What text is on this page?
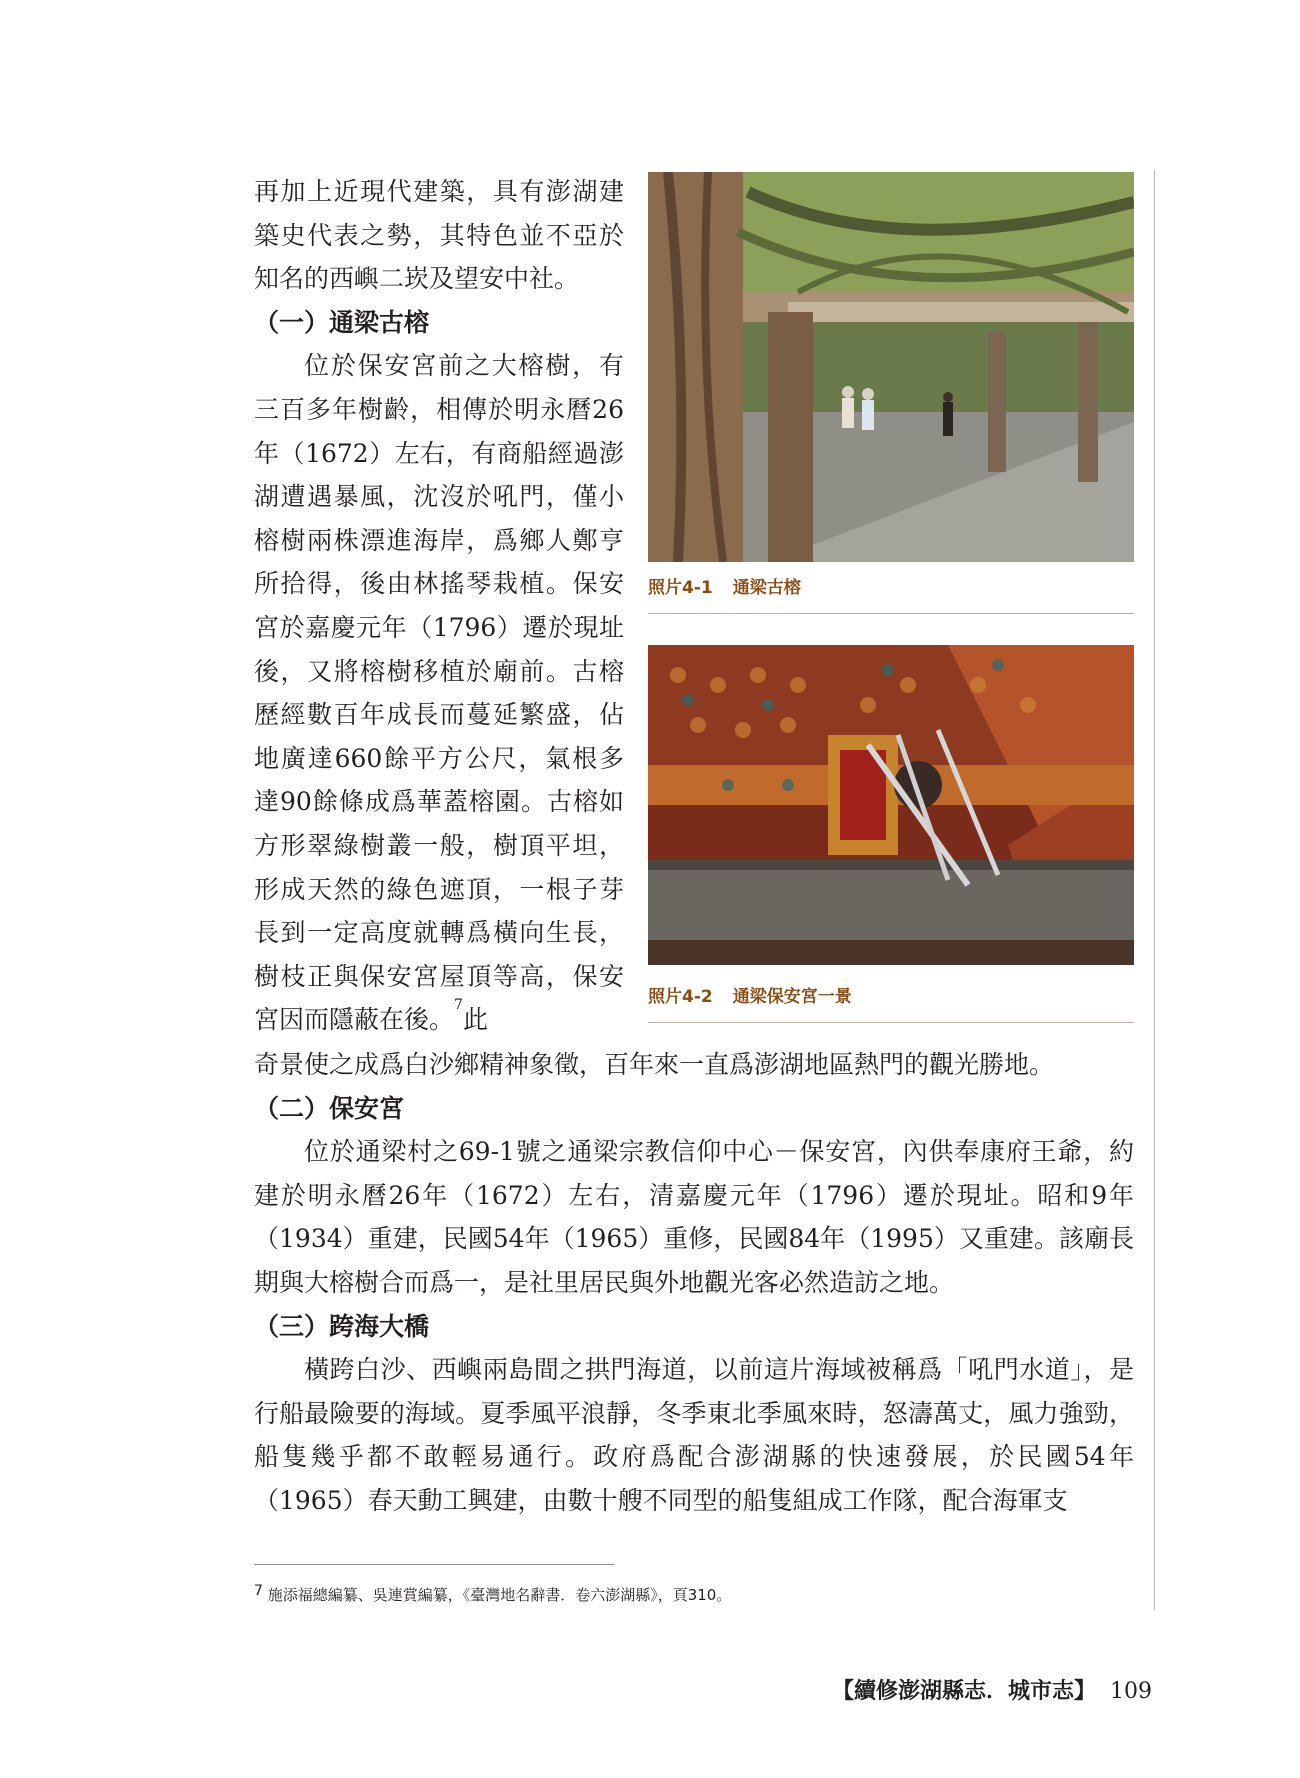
再加上近現代建築，具有澎湖建築史代表之勢，其特色並不亞於知名的西嶼二崁及望安中社。

（一）通梁古榕

位於保安宮前之大榕樹，有三百多年樹齡，相傳於明永曆26年（1672）左右，有商船經過澎湖遭遇暴風，沈沒於吼門，僅小榕樹兩株漂進海岸，爲鄉人鄭亨所拾得，後由林搖琴栽植。保安宮於嘉慶元年（1796）遷於現址後，又將榕樹移植於廟前。古榕歷經數百年成長而蔓延繁盛，佔地廣達660餘平方公尺，氣根多達90餘條成爲華蓋榕園。古榕如方形翠綠樹叢一般，樹頂平坦，形成天然的綠色遮頂，一根子芽長到一定高度就轉爲橫向生長，樹枝正與保安宮屋頂等高，保安宮因而隱蔽在後。$^7$此

照片4-1 通梁古榕
照片4-2 通梁保安宮一景

奇景使之成爲白沙鄉精神象徵，百年來一直爲澎湖地區熱門的觀光勝地。

（二）保安宮

位於通梁村之69-1號之通梁宗教信仰中心－保安宮，內供奉康府王爺，約建於明永曆26年（1672）左右，清嘉慶元年（1796）遷於現址。昭和9年（1934）重建，民國54年（1965）重修，民國84年（1995）又重建。該廟長期與大榕樹合而爲一，是社里居民與外地觀光客必然造訪之地。

（三）跨海大橋

橫跨白沙、西嶼兩島間之拱門海道，以前這片海域被稱爲「吼門水道」，是行船最險要的海域。夏季風平浪靜，冬季東北季風來時，怒濤萬丈，風力強勁，船隻幾乎都不敢輕易通行。政府爲配合澎湖縣的快速發展，於民國54年（1965）春天動工興建，由數十艘不同型的船隻組成工作隊，配合海軍支

$^7$ 施添福總編纂、吳連賞編纂，《臺灣地名辭書．卷六澎湖縣》，頁310。
【續修澎湖縣志．城市志】 109
